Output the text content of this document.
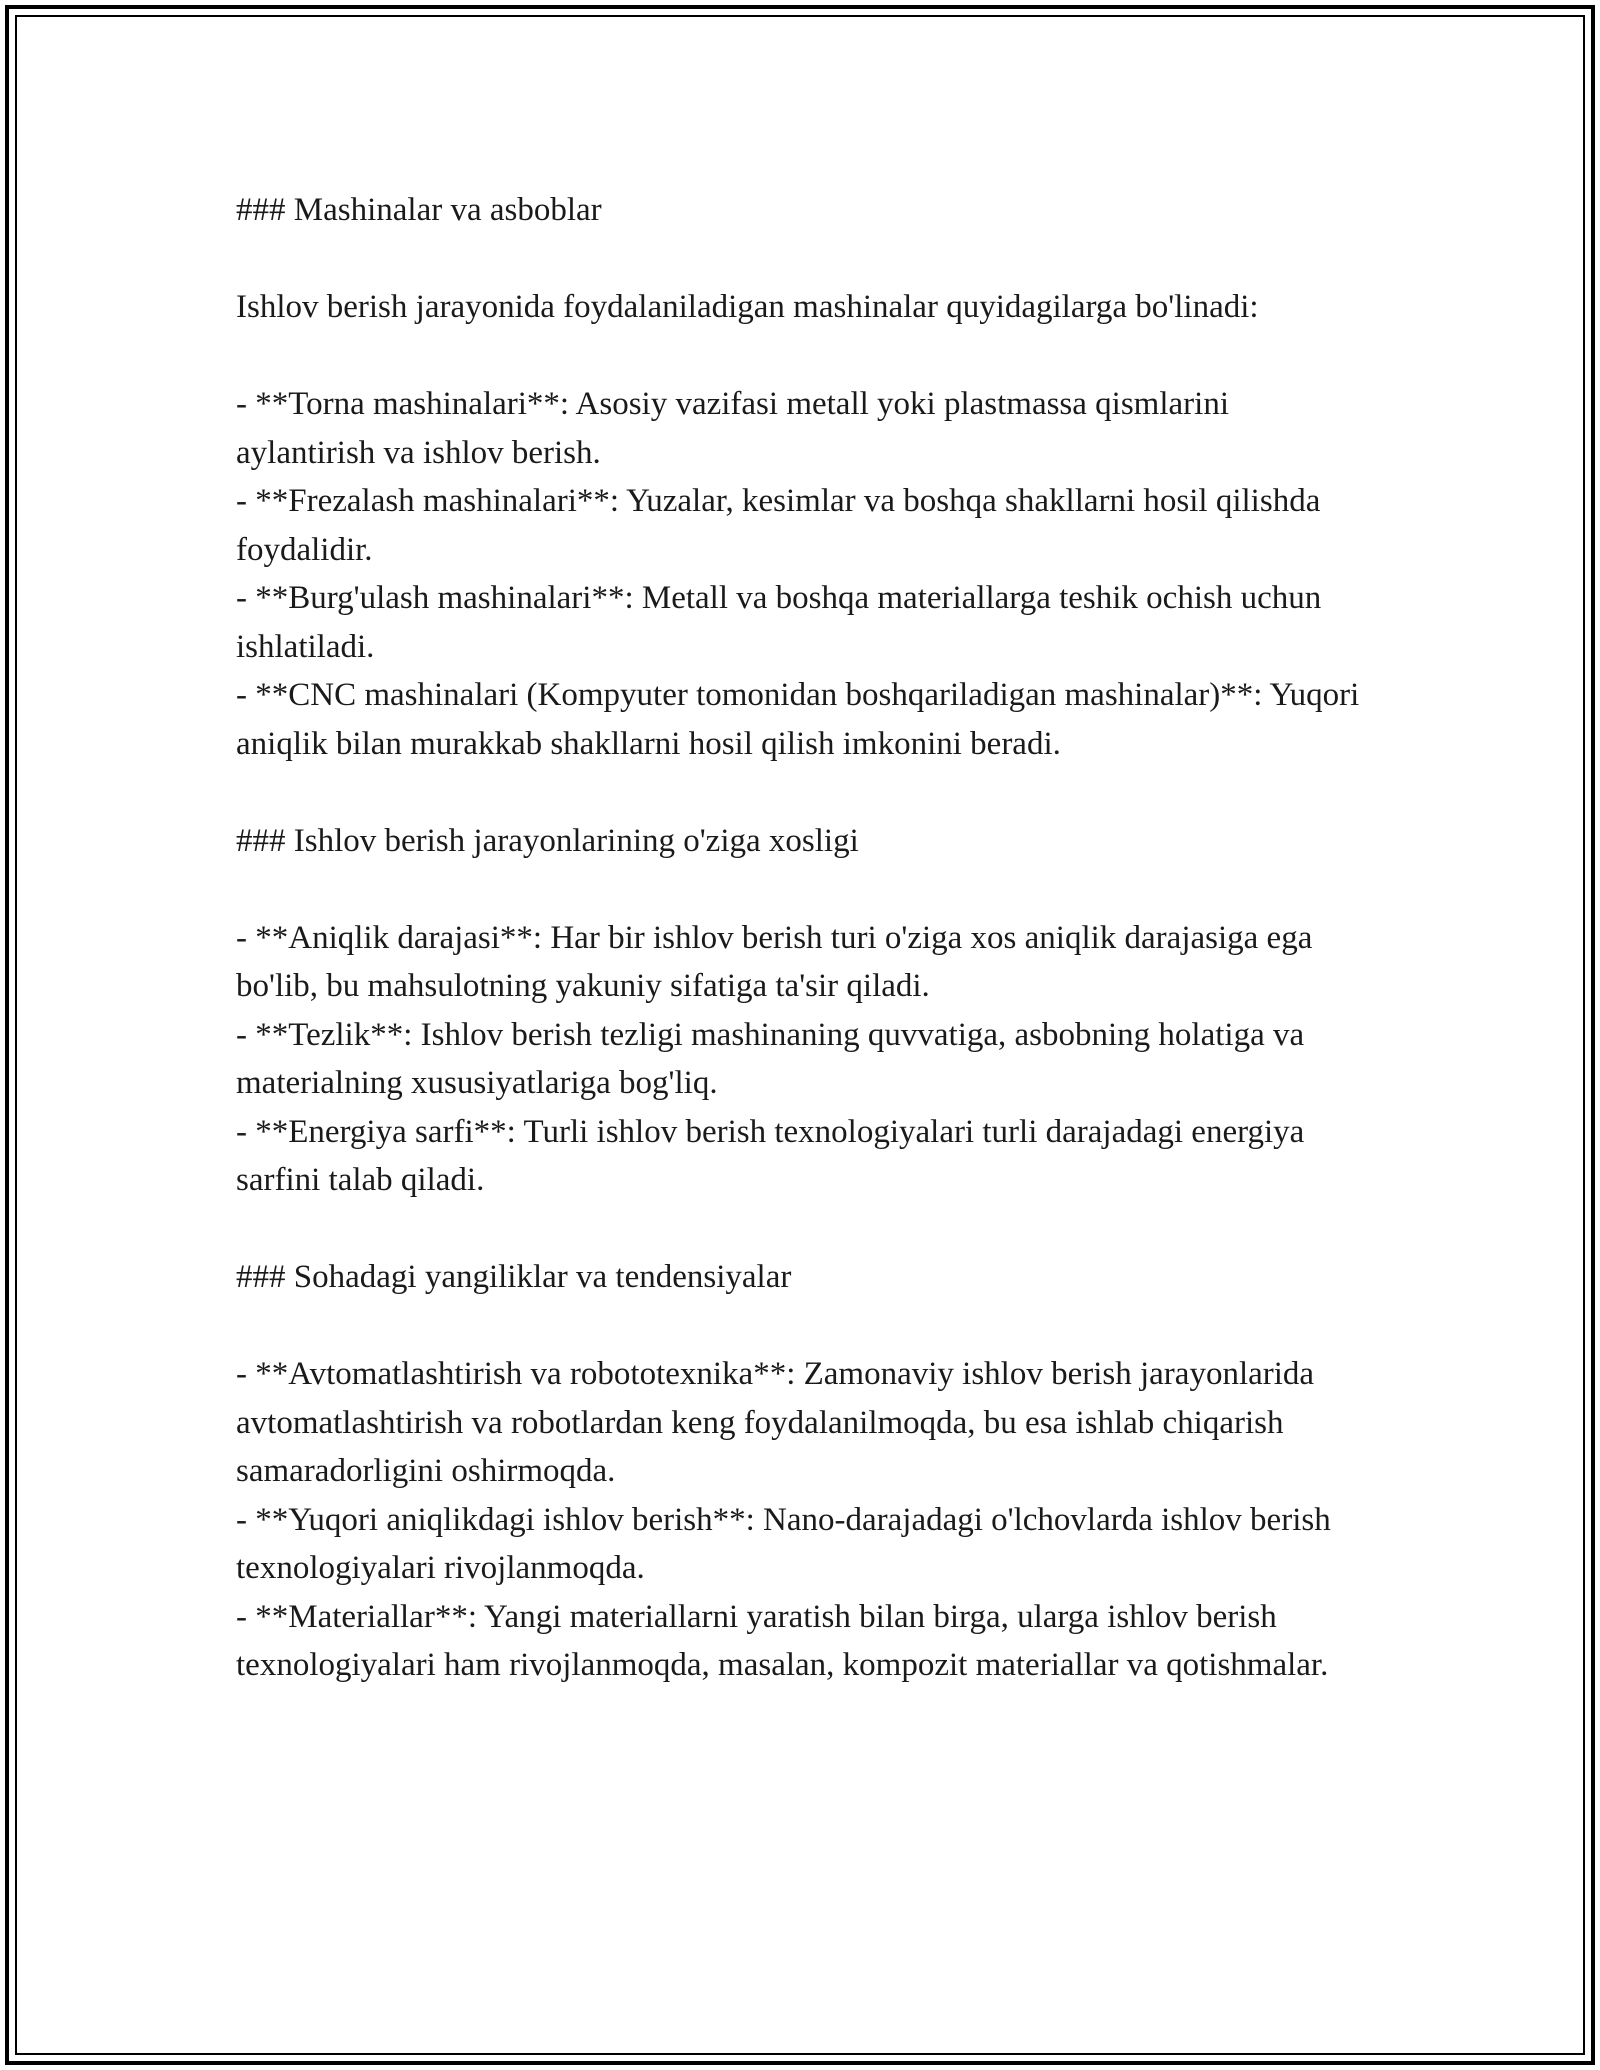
### Mashinalar va asboblar
Ishlov berish jarayonida foydalaniladigan mashinalar quyidagilarga bo'linadi:
- **Torna mashinalari**: Asosiy vazifasi metall yoki plastmassa qismlarini aylantirish va ishlov berish.
- **Frezalash mashinalari**: Yuzalar, kesimlar va boshqa shakllarni hosil qilishda foydalidir.
- **Burg'ulash mashinalari**: Metall va boshqa materiallarga teshik ochish uchun ishlatiladi.
- **CNC mashinalari (Kompyuter tomonidan boshqariladigan mashinalar)**: Yuqori aniqlik bilan murakkab shakllarni hosil qilish imkonini beradi.
### Ishlov berish jarayonlarining o'ziga xosligi
- **Aniqlik darajasi**: Har bir ishlov berish turi o'ziga xos aniqlik darajasiga ega bo'lib, bu mahsulotning yakuniy sifatiga ta'sir qiladi.
- **Tezlik**: Ishlov berish tezligi mashinaning quvvatiga, asbobning holatiga va materialning xususiyatlariga bog'liq.
- **Energiya sarfi**: Turli ishlov berish texnologiyalari turli darajadagi energiya sarfini talab qiladi.
### Sohadagi yangiliklar va tendensiyalar
- **Avtomatlashtirish va robototexnika**: Zamonaviy ishlov berish jarayonlarida avtomatlashtirish va robotlardan keng foydalanilmoqda, bu esa ishlab chiqarish samaradorligini oshirmoqda.
- **Yuqori aniqlikdagi ishlov berish**: Nano-darajadagi o'lchovlarda ishlov berish texnologiyalari rivojlanmoqda.
- **Materiallar**: Yangi materiallarni yaratish bilan birga, ularga ishlov berish texnologiyalari ham rivojlanmoqda, masalan, kompozit materiallar va qotishmalar.
